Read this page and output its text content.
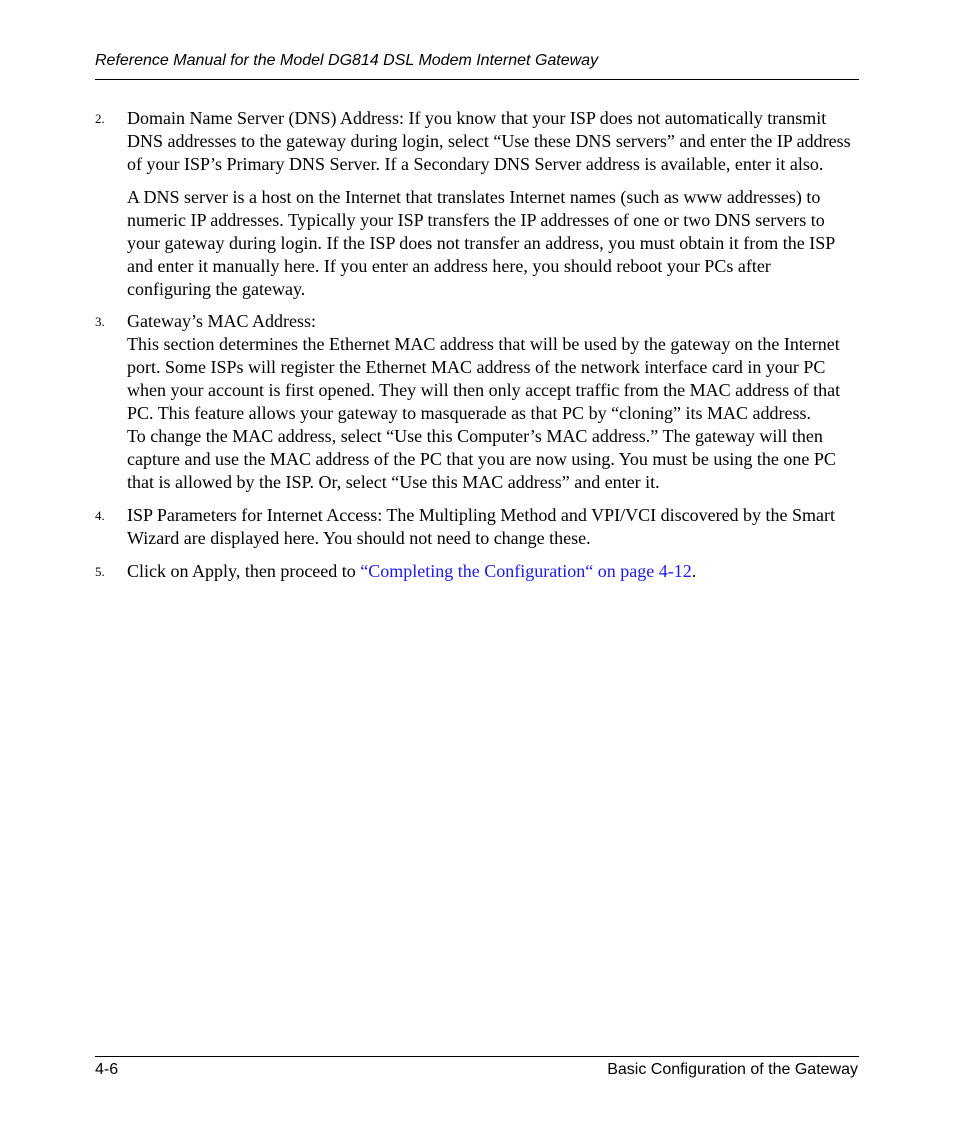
Reference Manual for the Model DG814 DSL Modem Internet Gateway
2.	Domain Name Server (DNS) Address: If you know that your ISP does not automatically transmit DNS addresses to the gateway during login, select “Use these DNS servers” and enter the IP address of your ISP’s Primary DNS Server. If a Secondary DNS Server address is available, enter it also.

A DNS server is a host on the Internet that translates Internet names (such as www addresses) to numeric IP addresses. Typically your ISP transfers the IP addresses of one or two DNS servers to your gateway during login. If the ISP does not transfer an address, you must obtain it from the ISP and enter it manually here. If you enter an address here, you should reboot your PCs after configuring the gateway.

3.	Gateway’s MAC Address:
This section determines the Ethernet MAC address that will be used by the gateway on the Internet port. Some ISPs will register the Ethernet MAC address of the network interface card in your PC when your account is first opened. They will then only accept traffic from the MAC address of that PC. This feature allows your gateway to masquerade as that PC by “cloning” its MAC address.
To change the MAC address, select “Use this Computer’s MAC address.” The gateway will then capture and use the MAC address of the PC that you are now using. You must be using the one PC that is allowed by the ISP. Or, select “Use this MAC address” and enter it.
4.	ISP Parameters for Internet Access: The Multipling Method and VPI/VCI discovered by the Smart Wizard are displayed here. You should not need to change these.
5.	Click on Apply, then proceed to “Completing the Configuration“ on page 4-12.
4-6	Basic Configuration of the Gateway
